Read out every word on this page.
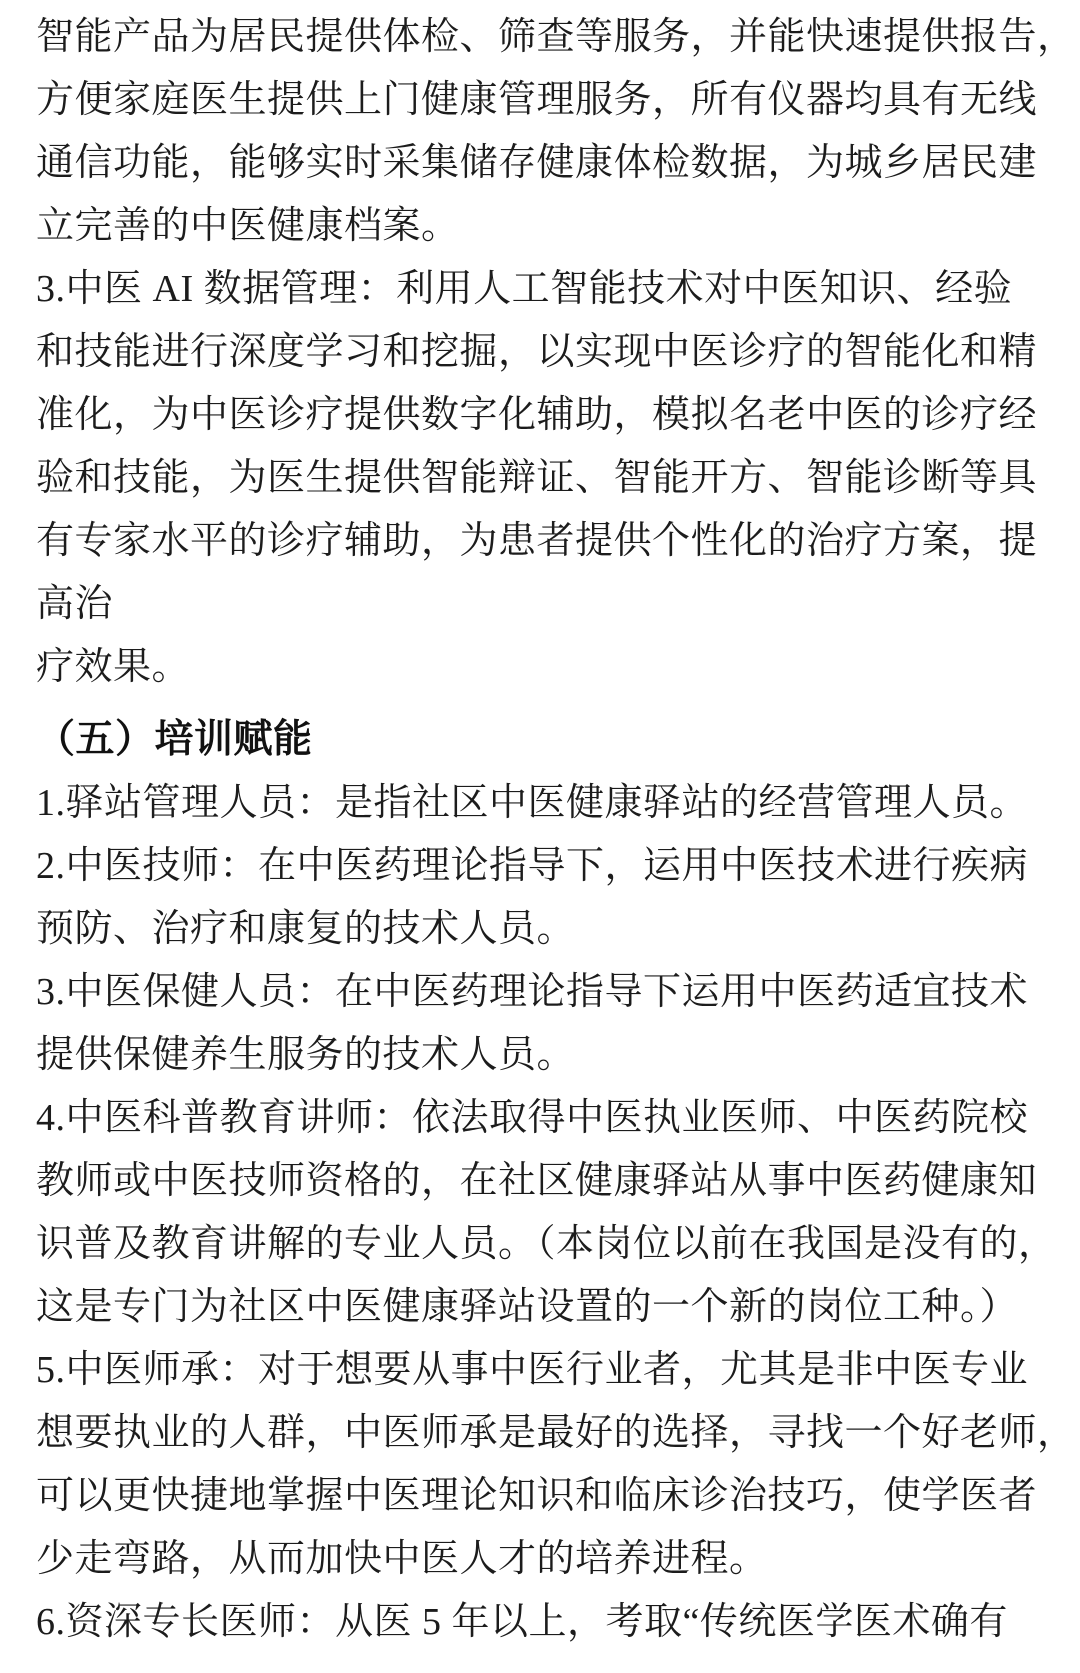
智能产品为居民提供体检、筛查等服务，并能快速提供报告，
方便家庭医生提供上门健康管理服务，所有仪器均具有无线
通信功能，能够实时采集储存健康体检数据，为城乡居民建
立完善的中医健康档案。
3.中医 AI 数据管理：利用人工智能技术对中医知识、经验
和技能进行深度学习和挖掘，以实现中医诊疗的智能化和精
准化，为中医诊疗提供数字化辅助，模拟名老中医的诊疗经
验和技能，为医生提供智能辩证、智能开方、智能诊断等具
有专家水平的诊疗辅助，为患者提供个性化的治疗方案，提
高治
疗效果。
（五）培训赋能
1.驿站管理人员：是指社区中医健康驿站的经营管理人员。
2.中医技师：在中医药理论指导下，运用中医技术进行疾病
预防、治疗和康复的技术人员。
3.中医保健人员：在中医药理论指导下运用中医药适宜技术
提供保健养生服务的技术人员。
4.中医科普教育讲师：依法取得中医执业医师、中医药院校
教师或中医技师资格的，在社区健康驿站从事中医药健康知
识普及教育讲解的专业人员。（本岗位以前在我国是没有的，
这是专门为社区中医健康驿站设置的一个新的岗位工种。）
5.中医师承：对于想要从事中医行业者，尤其是非中医专业
想要执业的人群，中医师承是最好的选择，寻找一个好老师，
可以更快捷地掌握中医理论知识和临床诊治技巧，使学医者
少走弯路，从而加快中医人才的培养进程。
6.资深专长医师：从医 5 年以上，考取“传统医学医术确有
